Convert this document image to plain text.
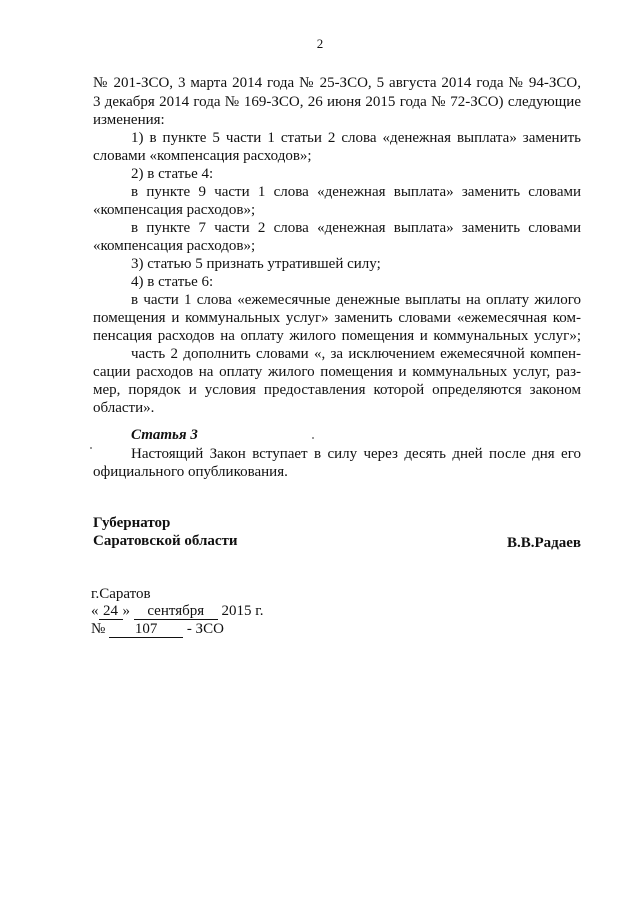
2
№ 201-ЗСО, 3 марта 2014 года № 25-ЗСО, 5 августа 2014 года № 94-ЗСО,
3 декабря 2014 года № 169-ЗСО, 26 июня 2015 года № 72-ЗСО) следующие
изменения:
1) в пункте 5 части 1 статьи 2 слова «денежная выплата» заменить
словами «компенсация расходов»;
2) в статье 4:
в пункте 9 части 1 слова «денежная выплата» заменить словами
«компенсация расходов»;
в пункте 7 части 2 слова «денежная выплата» заменить словами
«компенсация расходов»;
3) статью 5 признать утратившей силу;
4) в статье 6:
в части 1 слова «ежемесячные денежные выплаты на оплату жилого
помещения и коммунальных услуг» заменить словами «ежемесячная ком-
пенсация расходов на оплату жилого помещения и коммунальных услуг»;
часть 2 дополнить словами «, за исключением ежемесячной компен-
сации расходов на оплату жилого помещения и коммунальных услуг, раз-
мер, порядок и условия предоставления которой определяются законом
области».
Статья 3
Настоящий Закон вступает в силу через десять дней после дня его
официального опубликования.
Губернатор
Саратовской области	В.В.Радаев
г.Саратов
« 24 » сентября 2015 г.
№ 107 - ЗСО
